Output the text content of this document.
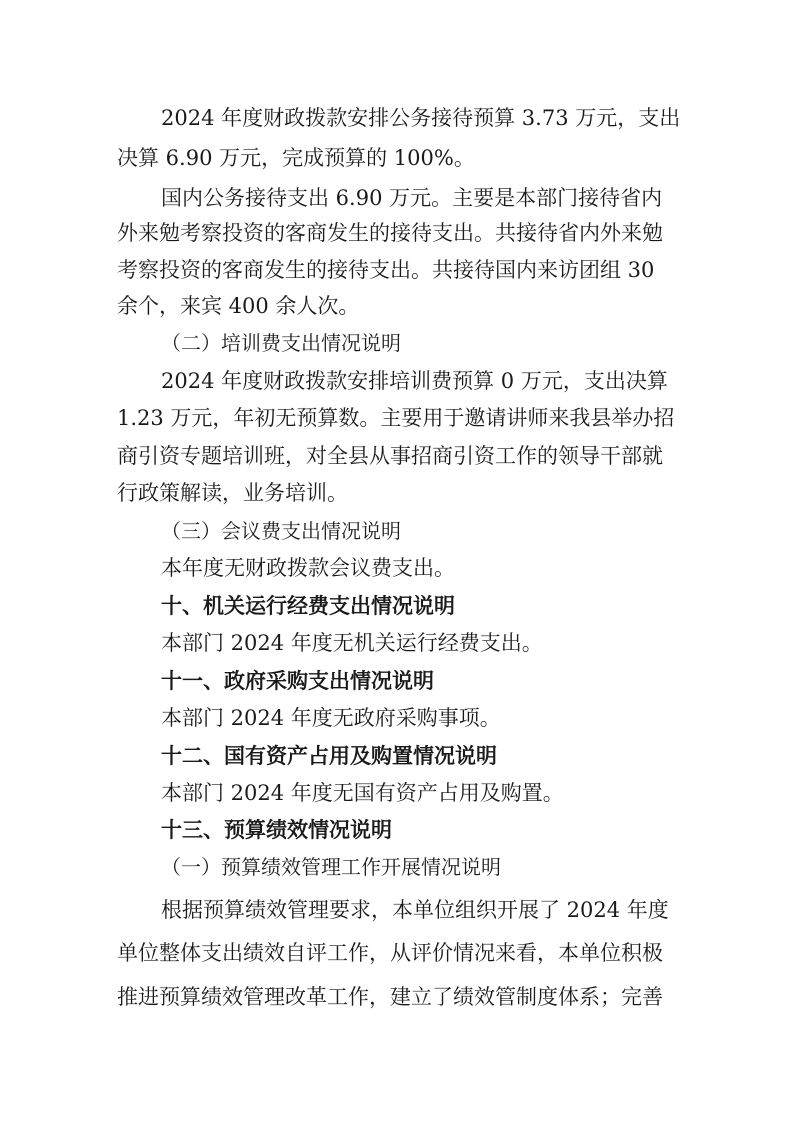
2024 年度财政拨款安排公务接待预算 3.73 万元，支出
决算 6.90 万元，完成预算的 100%。
国内公务接待支出 6.90 万元。主要是本部门接待省内
外来勉考察投资的客商发生的接待支出。共接待省内外来勉
考察投资的客商发生的接待支出。共接待国内来访团组 30
余个，来宾 400 余人次。
（二）培训费支出情况说明
2024 年度财政拨款安排培训费预算 0 万元，支出决算
1.23 万元，年初无预算数。主要用于邀请讲师来我县举办招
商引资专题培训班，对全县从事招商引资工作的领导干部就
行政策解读，业务培训。
（三）会议费支出情况说明
本年度无财政拨款会议费支出。
十、机关运行经费支出情况说明
本部门 2024 年度无机关运行经费支出。
十一、政府采购支出情况说明
本部门 2024 年度无政府采购事项。
十二、国有资产占用及购置情况说明
本部门 2024 年度无国有资产占用及购置。
十三、预算绩效情况说明
（一）预算绩效管理工作开展情况说明
根据预算绩效管理要求，本单位组织开展了 2024 年度
单位整体支出绩效自评工作，从评价情况来看，本单位积极
推进预算绩效管理改革工作，建立了绩效管制度体系；完善
